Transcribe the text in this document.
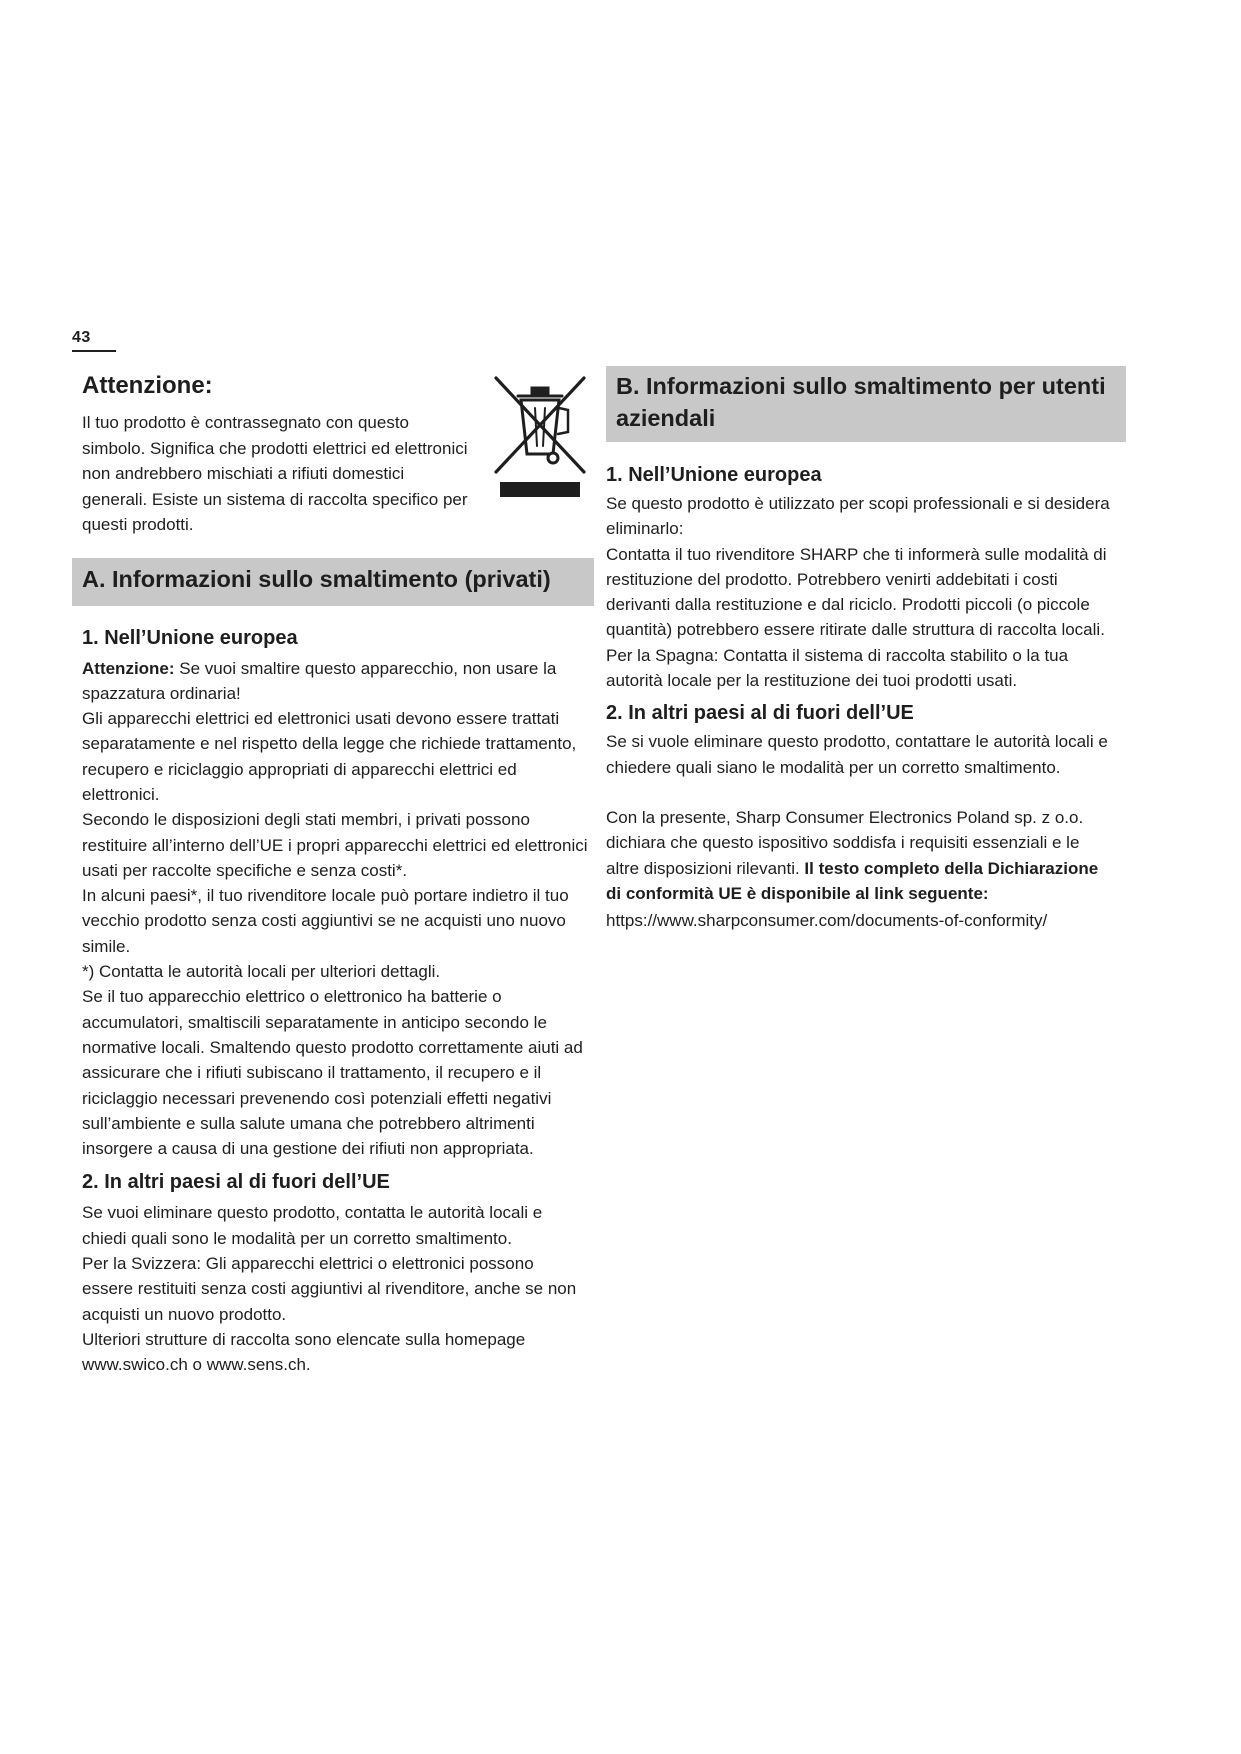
43
Attenzione:
Il tuo prodotto è contrassegnato con questo simbolo. Significa che prodotti elettrici ed elettronici non andrebbero mischiati a rifiuti domestici generali. Esiste un sistema di raccolta specifico per questi prodotti.
A. Informazioni sullo smaltimento (privati)
1. Nell’Unione europea

Attenzione: Se vuoi smaltire questo apparecchio, non usare la spazzatura ordinaria!

Gli apparecchi elettrici ed elettronici usati devono essere trattati separatamente e nel rispetto della legge che richiede trattamento, recupero e riciclaggio appropriati di apparecchi elettrici ed elettronici.

Secondo le disposizioni degli stati membri, i privati possono restituire all’interno dell’UE i propri apparecchi elettrici ed elettronici usati per raccolte specifiche e senza costi*.

In alcuni paesi*, il tuo rivenditore locale può portare indietro il tuo vecchio prodotto senza costi aggiuntivi se ne acquisti uno nuovo simile.

*) Contatta le autorità locali per ulteriori dettagli.

Se il tuo apparecchio elettrico o elettronico ha batterie o accumulatori, smaltiscili separatamente in anticipo secondo le normative locali. Smaltendo questo prodotto correttamente aiuti ad assicurare che i rifiuti subiscano il trattamento, il recupero e il riciclaggio necessari prevenendo così potenziali effetti negativi sull’ambiente e sulla salute umana che potrebbero altrimenti insorgere a causa di una gestione dei rifiuti non appropriata.

2. In altri paesi al di fuori dell’UE

Se vuoi eliminare questo prodotto, contatta le autorità locali e chiedi quali sono le modalità per un corretto smaltimento.

Per la Svizzera: Gli apparecchi elettrici o elettronici possono essere restituiti senza costi aggiuntivi al rivenditore, anche se non acquisti un nuovo prodotto.

Ulteriori strutture di raccolta sono elencate sulla homepage www.swico.ch o www.sens.ch.

B. Informazioni sullo smaltimento per utenti aziendali
1. Nell’Unione europea

Se questo prodotto è utilizzato per scopi professionali e si desidera eliminarlo:

Contatta il tuo rivenditore SHARP che ti informerà sulle modalità di restituzione del prodotto. Potrebbero venirti addebitati i costi derivanti dalla restituzione e dal riciclo. Prodotti piccoli (o piccole quantità) potrebbero essere ritirate dalle struttura di raccolta locali.

Per la Spagna: Contatta il sistema di raccolta stabilito o la tua autorità locale per la restituzione dei tuoi prodotti usati.

2. In altri paesi al di fuori dell’UE

Se si vuole eliminare questo prodotto, contattare le autorità locali e chiedere quali siano le modalità per un corretto smaltimento.

Con la presente, Sharp Consumer Electronics Poland sp. z o.o. dichiara che questo ispositivo soddisfa i requisiti essenziali e le altre disposizioni rilevanti. Il testo completo della Dichiarazione di conformità UE è disponibile al link seguente:

https://www.sharpconsumer.com/documents-of-conformity/
